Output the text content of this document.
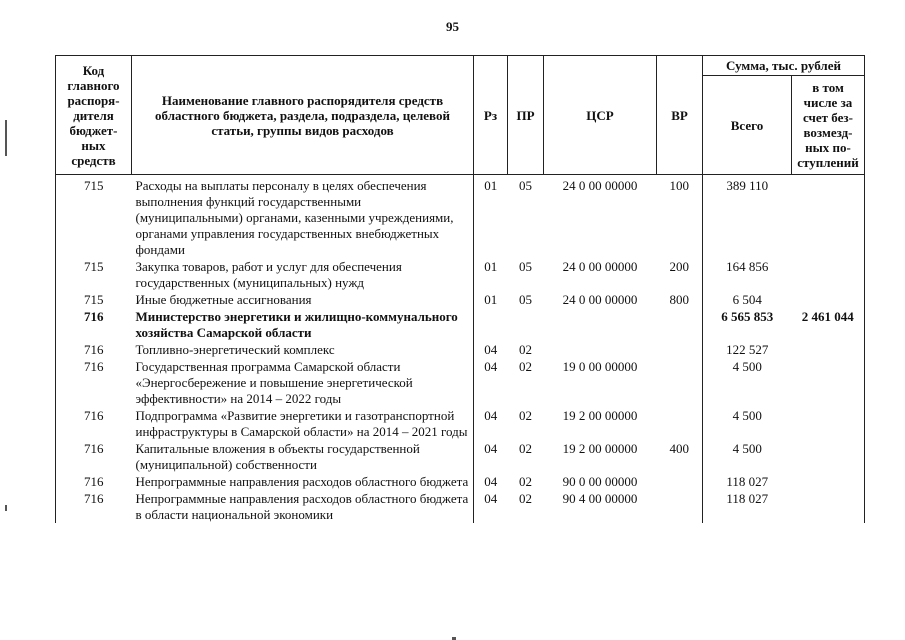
95
Код главного распоря-дителя бюджет-ных средств	Наименование главного распорядителя средств областного бюджета, раздела, подраздела, целевой статьи, группы видов расходов	Рз	ПР	ЦСР	ВР	Сумма, тыс. рублей	
						Всего	в том числе за счет без-возмезд-ных по-ступлений
715	Расходы на выплаты персоналу в целях обеспечения выполнения функций государственными (муниципальными) органами, казенными учреждениями, органами управления государственных внебюджетных фондами	01	05	24 0 00 00000	100	389 110	
715	Закупка товаров, работ и услуг для обеспечения государственных (муниципальных) нужд	01	05	24 0 00 00000	200	164 856	
715	Иные бюджетные ассигнования	01	05	24 0 00 00000	800	6 504	
716	Министерство энергетики и жилищно-коммунального хозяйства Самарской области					6 565 853	2 461 044
716	Топливно-энергетический комплекс	04	02			122 527	
716	Государственная программа Самарской области «Энергосбережение и повышение энергетической эффективности» на 2014 – 2022 годы	04	02	19 0 00 00000		4 500	
716	Подпрограмма «Развитие энергетики и газотранспортной инфраструктуры в Самарской области» на 2014 – 2021 годы	04	02	19 2 00 00000		4 500	
716	Капитальные вложения в объекты государственной (муниципальной) собственности	04	02	19 2 00 00000	400	4 500	
716	Непрограммные направления расходов областного бюджета	04	02	90 0 00 00000		118 027	
716	Непрограммные направления расходов областного бюджета в области национальной экономики	04	02	90 4 00 00000		118 027	
